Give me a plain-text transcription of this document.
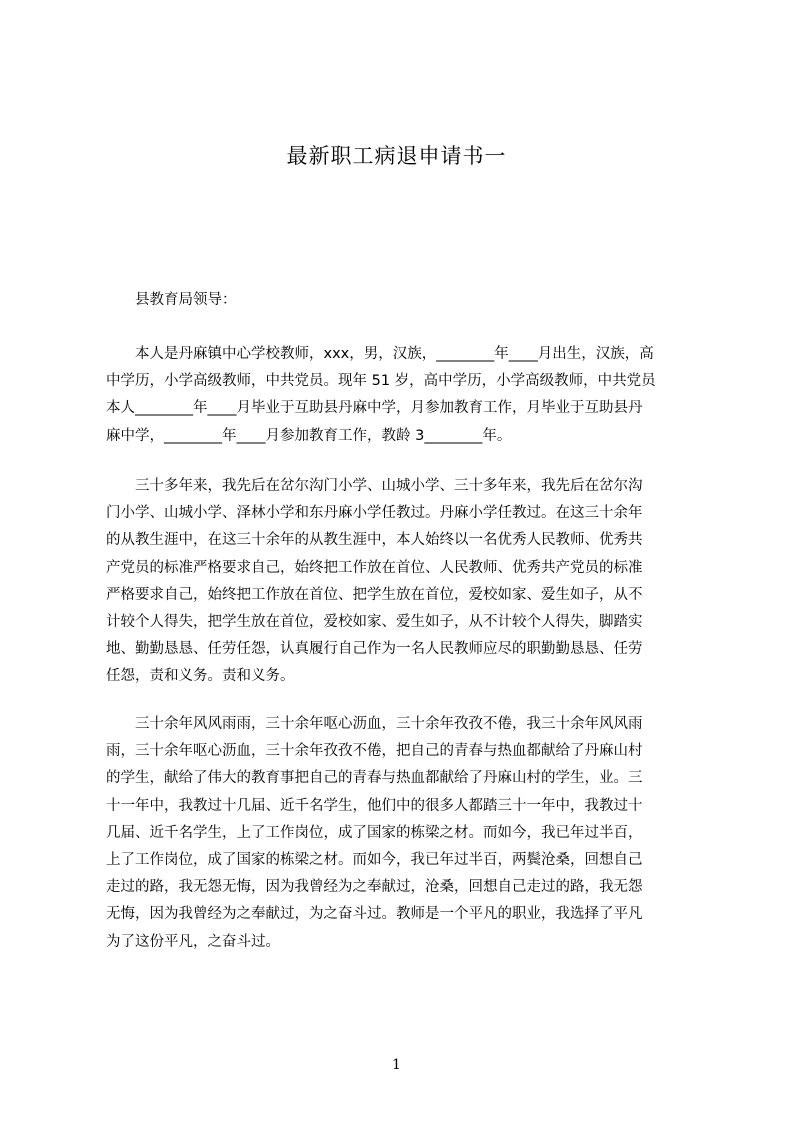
最新职工病退申请书一

县教育局领导：

　　本人是丹麻镇中心学校教师，xxx，男，汉族，________年____月出生，汉族，高
中学历，小学高级教师，中共党员。现年 51 岁，高中学历，小学高级教师，中共党员
本人________年____月毕业于互助县丹麻中学，月参加教育工作，月毕业于互助县丹
麻中学，________年____月参加教育工作，教龄 3________年。
　　三十多年来，我先后在岔尔沟门小学、山城小学、三十多年来，我先后在岔尔沟
门小学、山城小学、泽林小学和东丹麻小学任教过。丹麻小学任教过。在这三十余年
的从教生涯中，在这三十余年的从教生涯中，本人始终以一名优秀人民教师、优秀共
产党员的标准严格要求自己，始终把工作放在首位、人民教师、优秀共产党员的标准
严格要求自己，始终把工作放在首位、把学生放在首位，爱校如家、爱生如子，从不
计较个人得失，把学生放在首位，爱校如家、爱生如子，从不计较个人得失，脚踏实
地、勤勤恳恳、任劳任怨，认真履行自己作为一名人民教师应尽的职勤勤恳恳、任劳
任怨，责和义务。责和义务。
　　三十余年风风雨雨，三十余年呕心沥血，三十余年孜孜不倦，我三十余年风风雨
雨，三十余年呕心沥血，三十余年孜孜不倦，把自己的青春与热血都献给了丹麻山村
的学生，献给了伟大的教育事把自己的青春与热血都献给了丹麻山村的学生，业。三
十一年中，我教过十几届、近千名学生，他们中的很多人都踏三十一年中，我教过十
几届、近千名学生，上了工作岗位，成了国家的栋梁之材。而如今，我已年过半百，
上了工作岗位，成了国家的栋梁之材。而如今，我已年过半百，两鬓沧桑，回想自己
走过的路，我无怨无悔，因为我曾经为之奉献过，沧桑，回想自己走过的路，我无怨
无悔，因为我曾经为之奉献过，为之奋斗过。教师是一个平凡的职业，我选择了平凡
为了这份平凡，之奋斗过。
1
